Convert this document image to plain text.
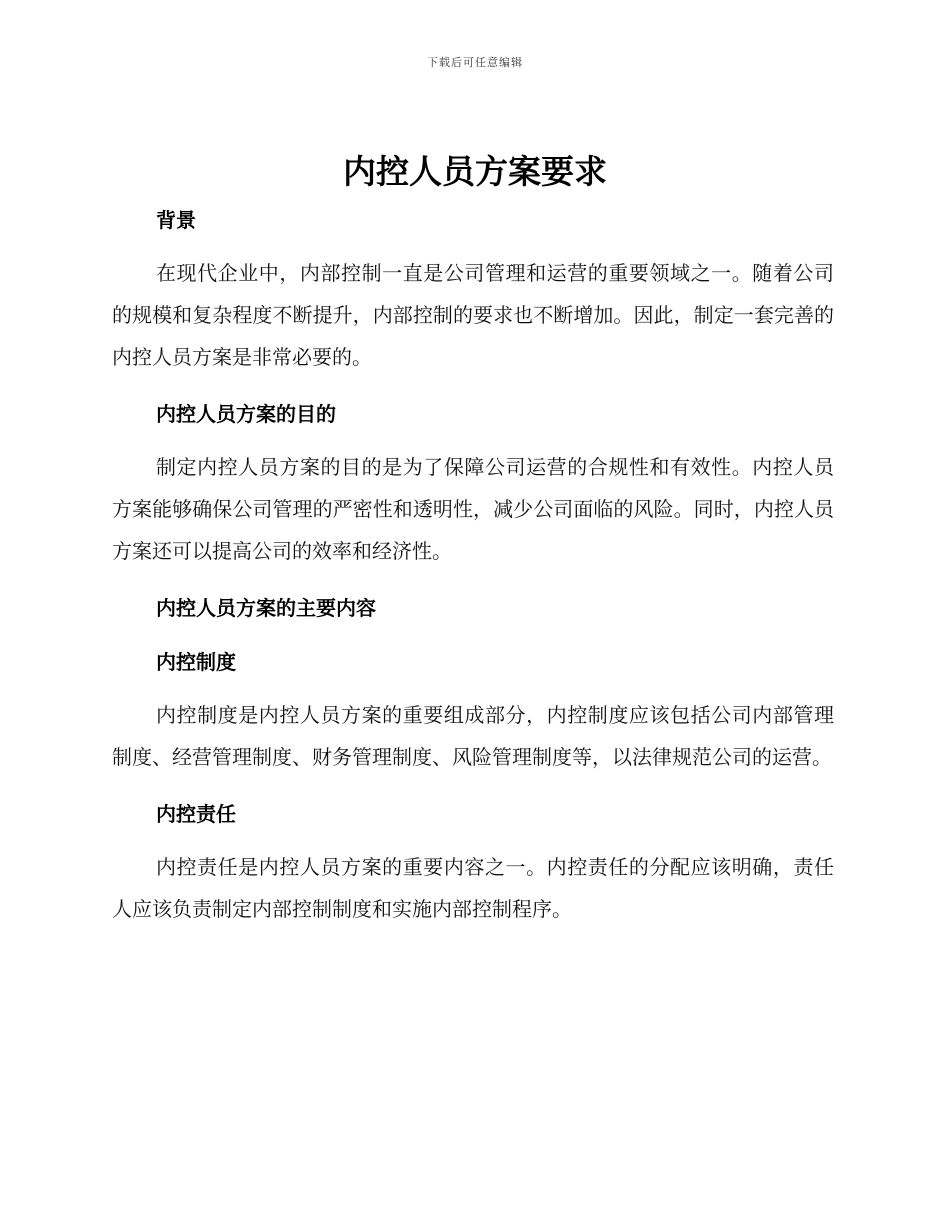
下载后可任意编辑
内控人员方案要求
背景

在现代企业中，内部控制一直是公司管理和运营的重要领域之一。随着公司的规模和复杂程度不断提升，内部控制的要求也不断增加。因此，制定一套完善的内控人员方案是非常必要的。

内控人员方案的目的

制定内控人员方案的目的是为了保障公司运营的合规性和有效性。内控人员方案能够确保公司管理的严密性和透明性，减少公司面临的风险。同时，内控人员方案还可以提高公司的效率和经济性。

内控人员方案的主要内容
内控制度

内控制度是内控人员方案的重要组成部分，内控制度应该包括公司内部管理制度、经营管理制度、财务管理制度、风险管理制度等，以法律规范公司的运营。

内控责任

内控责任是内控人员方案的重要内容之一。内控责任的分配应该明确，责任人应该负责制定内部控制制度和实施内部控制程序。
